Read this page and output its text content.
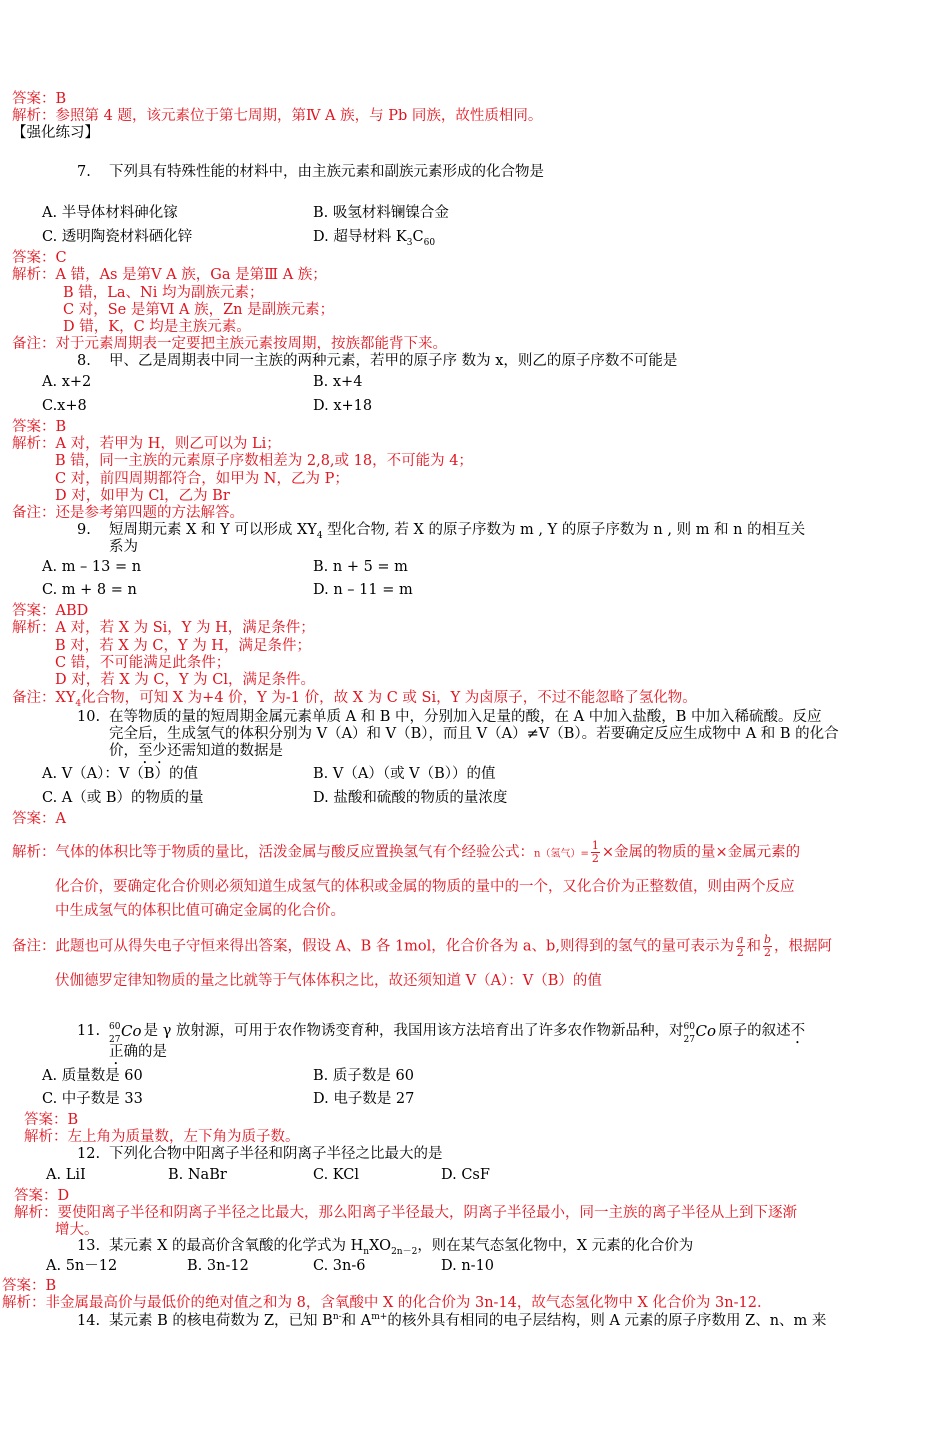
答案：B
解析：参照第 4 题，该元素位于第七周期，第Ⅳ A 族，与 Pb 同族，故性质相同。
【强化练习】
7. 下列具有特殊性能的材料中，由主族元素和副族元素形成的化合物是
A. 半导体材料砷化镓	B. 吸氢材料镧镍合金
C. 透明陶瓷材料硒化锌	D. 超导材料 $K_3C_{60}$
答案：C
解析：A 错，As 是第Ⅴ A 族，Ga 是第Ⅲ A 族；
B 错，La、Ni 均为副族元素；
C 对，Se 是第Ⅵ A 族，Zn 是副族元素；
D 错，K，C 均是主族元素。
备注：对于元素周期表一定要把主族元素按周期，按族都能背下来。
8. 甲、乙是周期表中同一主族的两种元素，若甲的原子序 数为 x，则乙的原子序数不可能是
A. x+2	B. x+4
C.x+8	D. x+18
答案：B
解析：A 对，若甲为 H，则乙可以为 Li；
B 错，同一主族的元素原子序数相差为 2,8,或 18，不可能为 4；
C 对，前四周期都符合，如甲为 N，乙为 P；
D 对，如甲为 Cl，乙为 Br
备注：还是参考第四题的方法解答。
9. 短周期元素 X 和 Y 可以形成 $XY_4$ 型化合物, 若 X 的原子序数为 m , Y 的原子序数为 n , 则 m 和 n 的相互关
系为
A. m – 13 = n	B. n + 5 = m
C. m + 8 = n	D. n – 11 = m
答案：ABD
解析：A 对，若 X 为 Si，Y 为 H，满足条件；
B 对，若 X 为 C，Y 为 H，满足条件；
C 错，不可能满足此条件；
D 对，若 X 为 C，Y 为 Cl，满足条件。
备注：$XY_4$化合物，可知 X 为+4 价，Y 为-1 价，故 X 为 C 或 Si，Y 为卤原子，不过不能忽略了氢化物。
10. 在等物质的量的短周期金属元素单质 A 和 B 中，分别加入足量的酸，在 A 中加入盐酸，B 中加入稀硫酸。反应
完全后，生成氢气的体积分别为 V（A）和 V（B），而且 V（A）≠V（B）。若要确定反应生成物中 A 和 B 的化合
价，至少还需知道的数据是
A. V（A）：V（B）的值	B. V（A）（或 V（B））的值
C. A（或 B）的物质的量	D. 盐酸和硫酸的物质的量浓度
答案：A
解析：气体的体积比等于物质的量比，活泼金属与酸反应置换氢气有个经验公式：n（氢气）= $\frac{1}{2}$ ×金属的物质的量×金属元素的
化合价，要确定化合价则必须知道生成氢气的体积或金属的物质的量中的一个，又化合价为正整数值，则由两个反应
中生成氢气的体积比值可确定金属的化合价。
备注：此题也可从得失电子守恒来得出答案，假设 A、B 各 1mol，化合价各为 a、b,则得到的氢气的量可表示为 $\frac{a}{2}$ 和 $\frac{b}{2}$ ，根据阿
伏伽德罗定律知物质的量之比就等于气体体积之比，故还须知道 V（A）：V（B）的值
11. 60
27 Co
是 γ 放射源，可用于农作物诱变育种，我国用该方法培育出了许多农作物新品种，对 60
27 Co
原子的叙述不
正确的是
A. 质量数是 60	B. 质子数是 60
C. 中子数是 33	D. 电子数是 27
答案：B
解析：左上角为质量数，左下角为质子数。
12. 下列化合物中阳离子半径和阴离子半径之比最大的是
A. LiI	B. NaBr	C. KCl	D. CsF
答案：D
解析：要使阳离子半径和阴离子半径之比最大，那么阳离子半径最大，阴离子半径最小，同一主族的离子半径从上到下逐渐
增大。
13. 某元素 X 的最高价含氧酸的化学式为 $H_nXO_{2n-2}$，则在某气态氢化物中，X 元素的化合价为
A. 5n－12	B. 3n-12	C. 3n-6	D. n-10
答案：B
解析：非金属最高价与最低价的绝对值之和为 8，含氧酸中 X 的化合价为 3n-14，故气态氢化物中 X 化合价为 3n-12.
14. 某元素 B 的核电荷数为 Z，已知 $B^{n-}$和 $A^{m+}$的核外具有相同的电子层结构，则 A 元素的原子序数用 Z、n、m 来
